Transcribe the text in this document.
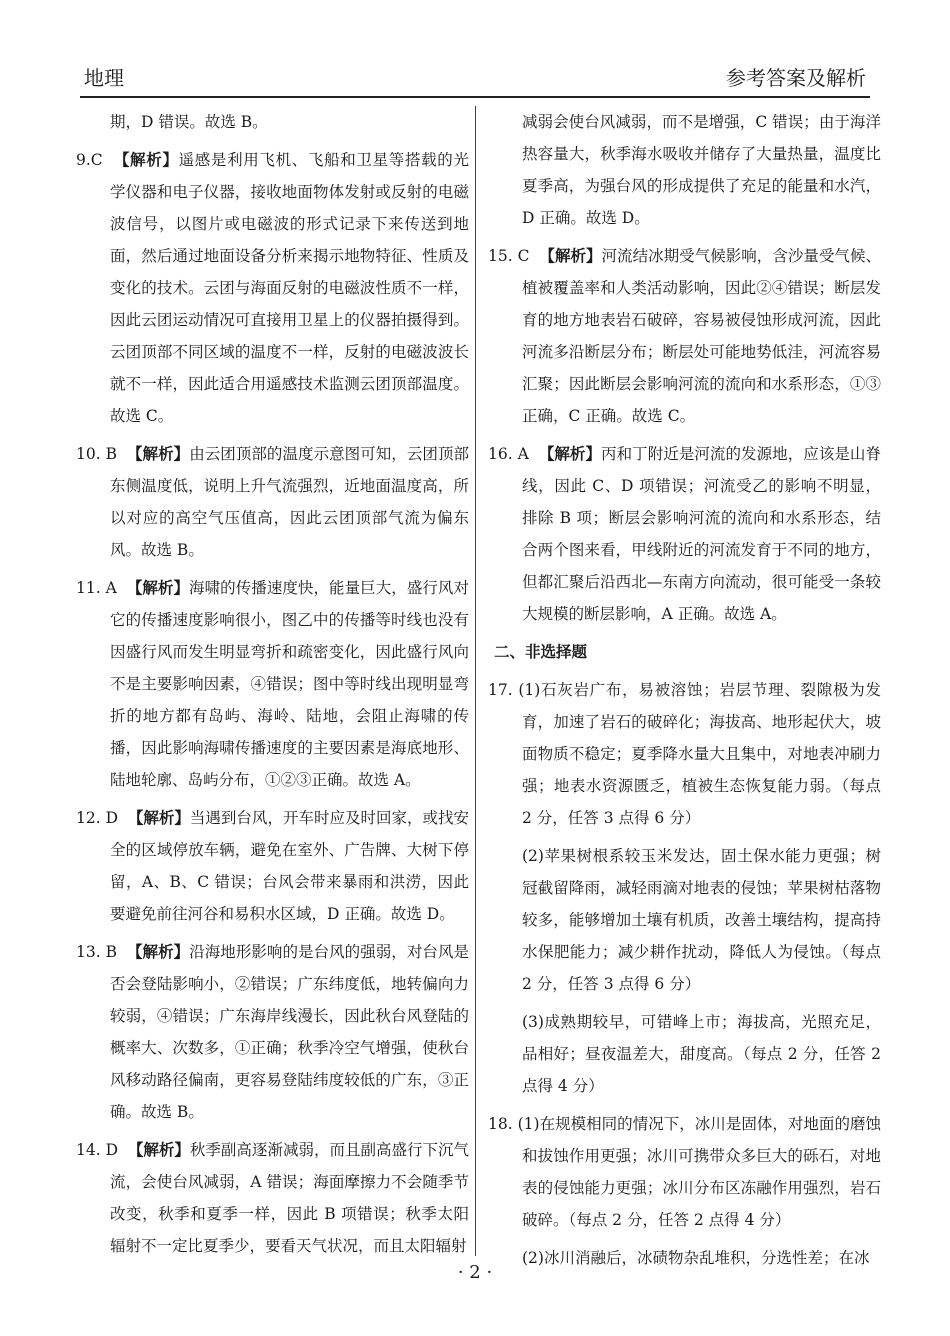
地理	参考答案及解析
期，D 错误。故选 B。
9.C 【解析】遥感是利用飞机、飞船和卫星等搭载的光学仪器和电子仪器，接收地面物体发射或反射的电磁波信号，以图片或电磁波的形式记录下来传送到地面，然后通过地面设备分析来揭示地物特征、性质及变化的技术。云团与海面反射的电磁波性质不一样，因此云团运动情况可直接用卫星上的仪器拍摄得到。云团顶部不同区域的温度不一样，反射的电磁波波长就不一样，因此适合用遥感技术监测云团顶部温度。故选 C。
10. B 【解析】由云团顶部的温度示意图可知，云团顶部东侧温度低，说明上升气流强烈，近地面温度高，所以对应的高空气压值高，因此云团顶部气流为偏东风。故选 B。
11. A 【解析】海啸的传播速度快，能量巨大，盛行风对它的传播速度影响很小，图乙中的传播等时线也没有因盛行风而发生明显弯折和疏密变化，因此盛行风向不是主要影响因素，④错误；图中等时线出现明显弯折的地方都有岛屿、海岭、陆地，会阻止海啸的传播，因此影响海啸传播速度的主要因素是海底地形、陆地轮廓、岛屿分布，①②③正确。故选 A。
12. D 【解析】当遇到台风，开车时应及时回家，或找安全的区域停放车辆，避免在室外、广告牌、大树下停留，A、B、C 错误；台风会带来暴雨和洪涝，因此要避免前往河谷和易积水区域，D 正确。故选 D。
13. B 【解析】沿海地形影响的是台风的强弱，对台风是否会登陆影响小，②错误；广东纬度低，地转偏向力较弱，④错误；广东海岸线漫长，因此秋台风登陆的概率大、次数多，①正确；秋季冷空气增强，使秋台风移动路径偏南，更容易登陆纬度较低的广东，③正确。故选 B。
14. D 【解析】秋季副高逐渐减弱，而且副高盛行下沉气流，会使台风减弱，A 错误；海面摩擦力不会随季节改变，秋季和夏季一样，因此 B 项错误；秋季太阳辐射不一定比夏季少，要看天气状况，而且太阳辐射
减弱会使台风减弱，而不是增强，C 错误；由于海洋热容量大，秋季海水吸收并储存了大量热量，温度比夏季高，为强台风的形成提供了充足的能量和水汽，D 正确。故选 D。
15. C 【解析】河流结冰期受气候影响，含沙量受气候、植被覆盖率和人类活动影响，因此②④错误；断层发育的地方地表岩石破碎，容易被侵蚀形成河流，因此河流多沿断层分布；断层处可能地势低洼，河流容易汇聚；因此断层会影响河流的流向和水系形态，①③正确，C 正确。故选 C。
16. A 【解析】丙和丁附近是河流的发源地，应该是山脊线，因此 C、D 项错误；河流受乙的影响不明显，排除 B 项；断层会影响河流的流向和水系形态，结合两个图来看，甲线附近的河流发育于不同的地方，但都汇聚后沿西北—东南方向流动，很可能受一条较大规模的断层影响，A 正确。故选 A。
二、非选择题
17. (1)石灰岩广布，易被溶蚀；岩层节理、裂隙极为发育，加速了岩石的破碎化；海拔高、地形起伏大，坡面物质不稳定；夏季降水量大且集中，对地表冲刷力强；地表水资源匮乏，植被生态恢复能力弱。（每点 2 分，任答 3 点得 6 分）
(2)苹果树根系较玉米发达，固土保水能力更强；树冠截留降雨，减轻雨滴对地表的侵蚀；苹果树枯落物较多，能够增加土壤有机质，改善土壤结构，提高持水保肥能力；减少耕作扰动，降低人为侵蚀。（每点 2 分，任答 3 点得 6 分）
(3)成熟期较早，可错峰上市；海拔高，光照充足，品相好；昼夜温差大，甜度高。（每点 2 分，任答 2 点得 4 分）
18. (1)在规模相同的情况下，冰川是固体，对地面的磨蚀和拔蚀作用更强；冰川可携带众多巨大的砾石，对地表的侵蚀能力更强；冰川分布区冻融作用强烈，岩石破碎。（每点 2 分，任答 2 点得 4 分）
(2)冰川消融后，冰碛物杂乱堆积，分选性差；在冰
· 2 ·
